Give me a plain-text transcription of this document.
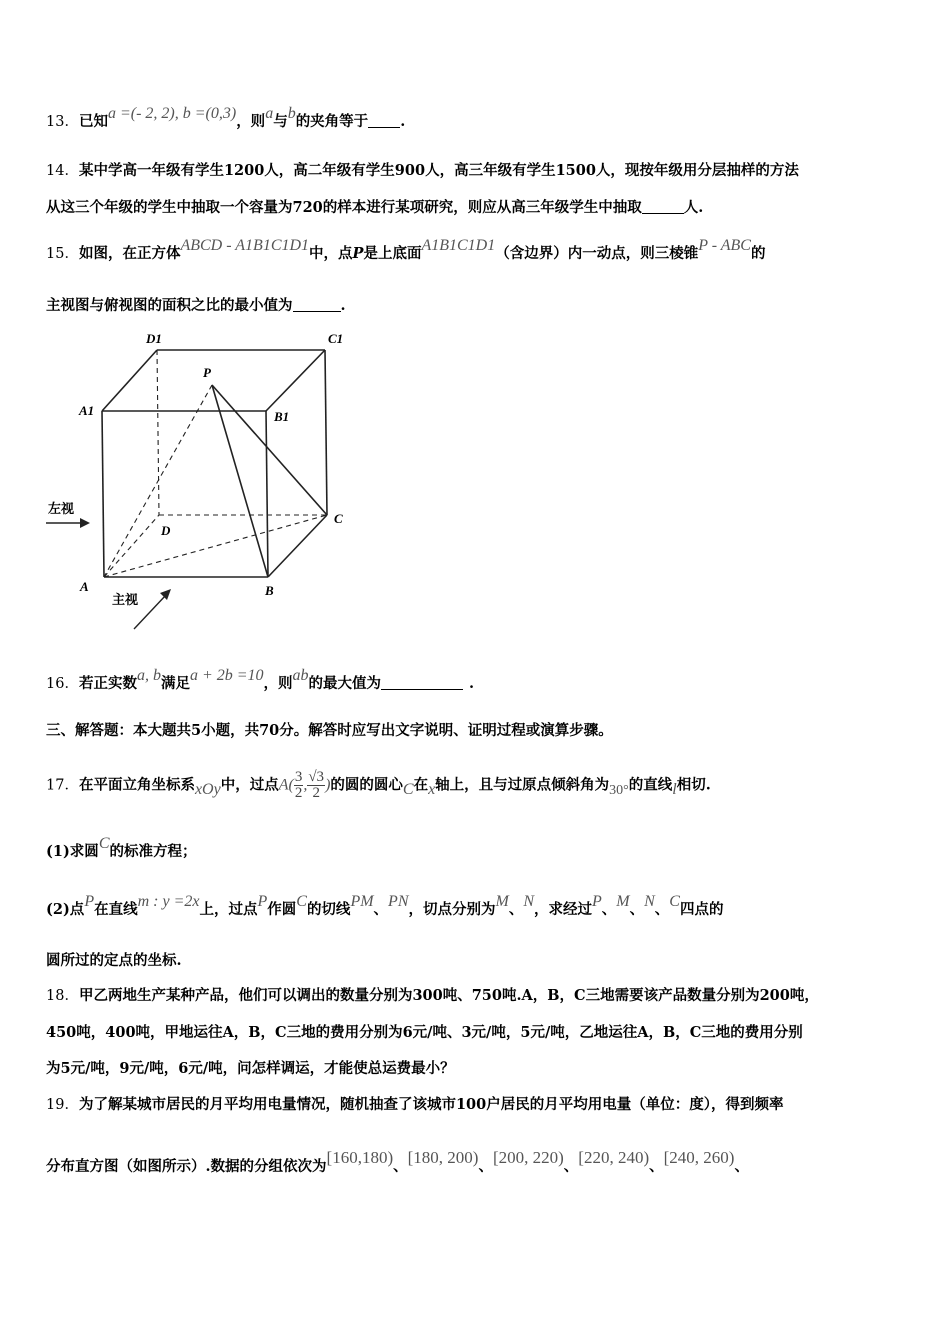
13．已知a =(- 2, 2), b =(0,3)，则a与b的夹角等于 .
14．某中学高一年级有学生1200人，高二年级有学生900人，高三年级有学生1500人，现按年级用分层抽样的方法
从这三个年级的学生中抽取一个容量为720的样本进行某项研究，则应从高三年级学生中抽取	人.
15．如图，在正方体ABCD - A1B1C1D1中，点P是上底面A1B1C1D1（含边界）内一动点，则三棱锥P - ABC的
主视图与俯视图的面积之比的最小值为	.
D1	C1
A1	B1
P
D
C
A	B
左视
主视
16．若正实数a, b满足a + 2b =10，则ab的最大值为	.
三、解答题：本大题共5小题，共70分。解答时应写出文字说明、证明过程或演算步骤。
17．在平面立角坐标系xOy中，过点$A( \frac{3}{2}$ , $\frac{√3}{2}$ )的圆的圆心C在x轴上，且与过原点倾斜角为30°的直线l相切.
(1)求圆C的标准方程；
(2)点P在直线m : y =2x上，过点P作圆C的切线PM、PN，切点分别为M、N，求经过P、M、N、C四点的
圆所过的定点的坐标.
18．甲乙两地生产某种产品，他们可以调出的数量分别为300吨、750吨.A，B，C三地需要该产品数量分别为200吨，
450吨，400吨，甲地运往A，B，C三地的费用分别为6元/吨、3元/吨，5元/吨，乙地运往A，B，C三地的费用分别
为5元/吨，9元/吨，6元/吨，问怎样调运，才能使总运费最小？
19．为了解某城市居民的月平均用电量情况，随机抽查了该城市100户居民的月平均用电量（单位：度），得到频率
分布直方图（如图所示）.数据的分组依次为[160,180)、[180, 200)、[200, 220)、[220, 240)、[240, 260)、
